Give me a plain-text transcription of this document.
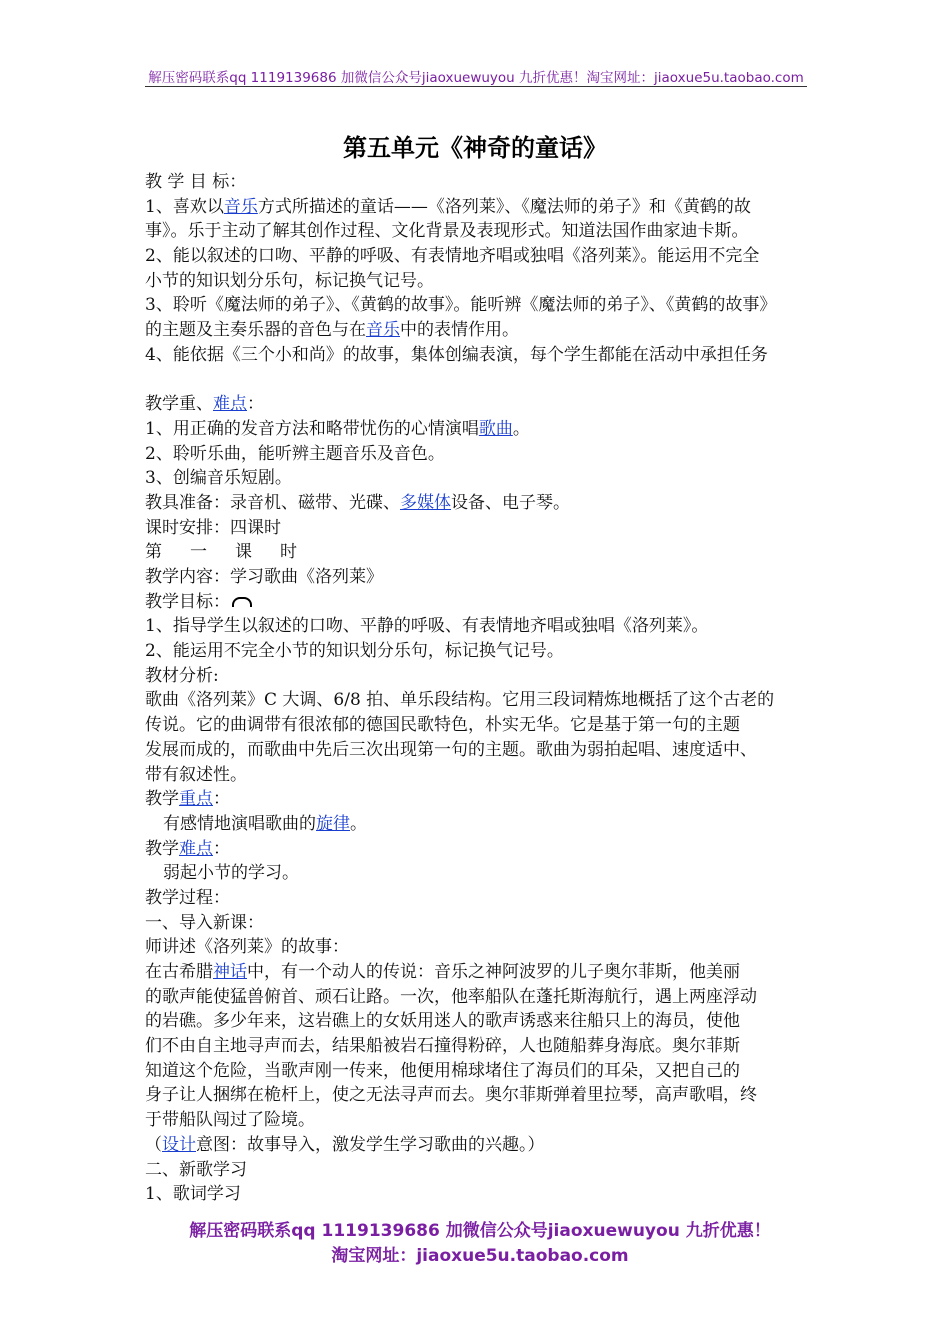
解压密码联系qq 1119139686 加微信公众号jiaoxuewuyou 九折优惠！淘宝网址：jiaoxue5u.taobao.com
第五单元《神奇的童话》
教 学 目 标：
1、喜欢以音乐方式所描述的童话——《洛列莱》、《魔法师的弟子》和《黄鹤的故
事》。乐于主动了解其创作过程、文化背景及表现形式。知道法国作曲家迪卡斯。
2、能以叙述的口吻、平静的呼吸、有表情地齐唱或独唱《洛列莱》。能运用不完全
小节的知识划分乐句，标记换气记号。
3、聆听《魔法师的弟子》、《黄鹤的故事》。能听辨《魔法师的弟子》、《黄鹤的故事》
的主题及主奏乐器的音色与在音乐中的表情作用。
4、能依据《三个小和尚》的故事，集体创编表演，每个学生都能在活动中承担任务
教学重、难点：
1、用正确的发音方法和略带忧伤的心情演唱歌曲。
2、聆听乐曲，能听辨主题音乐及音色。
3、创编音乐短剧。
教具准备：录音机、磁带、光碟、多媒体设备、电子琴。
课时安排：四课时
第 一 课 时
教学内容：学习歌曲《洛列莱》
教学目标：
1、指导学生以叙述的口吻、平静的呼吸、有表情地齐唱或独唱《洛列莱》。
2、能运用不完全小节的知识划分乐句，标记换气记号。
教材分析:
歌曲《洛列莱》C 大调、6/8 拍、单乐段结构。它用三段词精炼地概括了这个古老的
传说。它的曲调带有很浓郁的德国民歌特色，朴实无华。它是基于第一句的主题
发展而成的，而歌曲中先后三次出现第一句的主题。歌曲为弱拍起唱、速度适中、
带有叙述性。
教学重点：
有感情地演唱歌曲的旋律。
教学难点：
弱起小节的学习。
教学过程：
一、导入新课：
师讲述《洛列莱》的故事：
在古希腊神话中，有一个动人的传说：音乐之神阿波罗的儿子奥尔菲斯，他美丽
的歌声能使猛兽俯首、顽石让路。一次，他率船队在蓬托斯海航行，遇上两座浮动
的岩礁。多少年来，这岩礁上的女妖用迷人的歌声诱惑来往船只上的海员，使他
们不由自主地寻声而去，结果船被岩石撞得粉碎，人也随船葬身海底。奥尔菲斯
知道这个危险，当歌声刚一传来，他便用棉球堵住了海员们的耳朵，又把自己的
身子让人捆绑在桅杆上，使之无法寻声而去。奥尔菲斯弹着里拉琴，高声歌唱，终
于带船队闯过了险境。
（设计意图：故事导入，激发学生学习歌曲的兴趣。）
二、新歌学习
1、歌词学习
解压密码联系qq 1119139686 加微信公众号jiaoxuewuyou 九折优惠！
淘宝网址：jiaoxue5u.taobao.com
